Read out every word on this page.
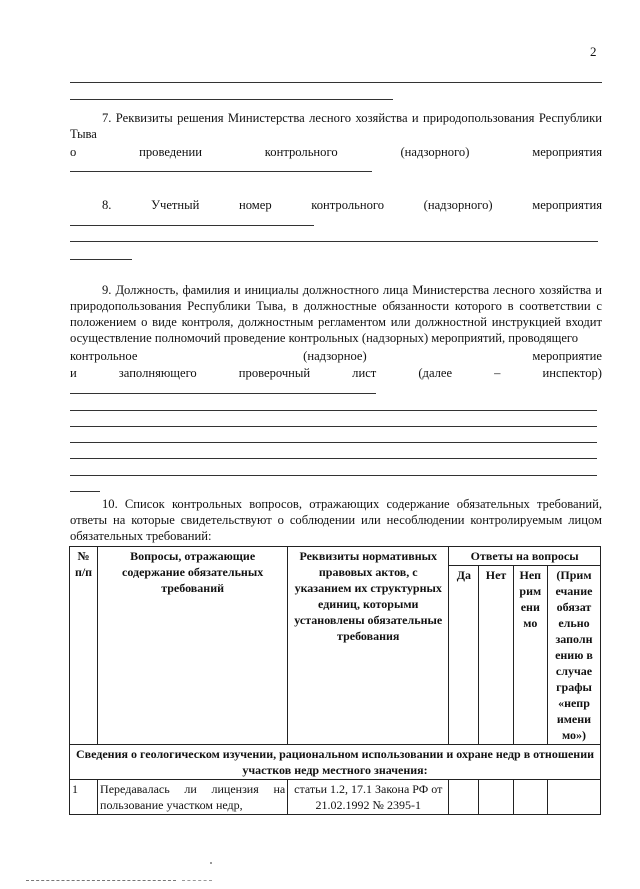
2
7. Реквизиты решения Министерства лесного хозяйства и природопользования Республики
Тыва
о проведении контрольного (надзорного) мероприятия
8. Учетный номер контрольного (надзорного) мероприятия
9. Должность, фамилия и инициалы должностного лица Министерства лесного хозяйства и природопользования Республики Тыва, в должностные обязанности которого в соответствии с положением о виде контроля, должностным регламентом или должностной инструкцией входит осуществление полномочий проведение контрольных (надзорных) мероприятий, проводящего
контрольное (надзорное) мероприятие
и заполняющего проверочный лист (далее – инспектор)
10. Список контрольных вопросов, отражающих содержание обязательных требований, ответы на которые свидетельствуют о соблюдении или несоблюдении контролируемым лицом обязательных требований:
№ п/п	Вопросы, отражающие содержание обязательных требований	Реквизиты нормативных правовых актов, с указанием их структурных единиц, которыми установлены обязательные требования	Ответы на вопросы			
			Да	Нет	Неп рим ени мо	(Прим ечание обязат ельно заполн ению в случае графы «непр имени мо»)
Сведения о геологическом изучении, рациональном использовании и охране недр в отношении участков недр местного значения:						
1	Передавалась ли лицензия на пользование участком недр,	статьи 1.2, 17.1 Закона РФ от 21.02.1992 № 2395-1				
